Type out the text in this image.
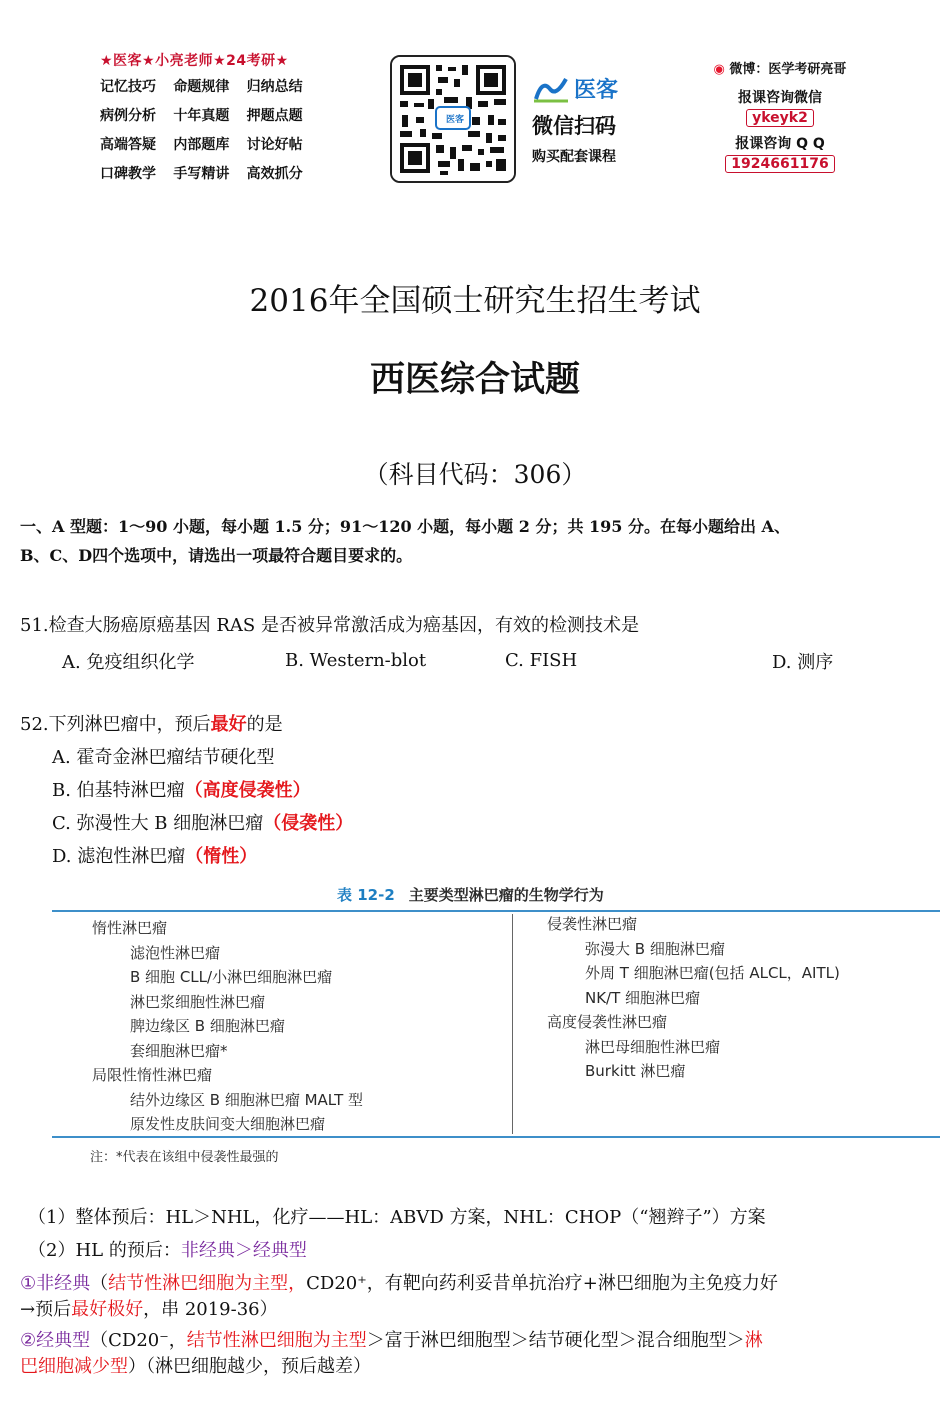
★医客★小亮老师★24考研★
记忆技巧	命题规律	归纳总结
病例分析	十年真题	押题点题
高端答疑	内部题库	讨论好帖
口碑教学	手写精讲	高效抓分
医客
医客
微信扫码
购买配套课程
◉ 微博：医学考研亮哥
报课咨询微信
ykeyk2
报课咨询 Q Q
1924661176
2016年全国硕士研究生招生考试
西医综合试题
（科目代码：306）
一、A 型题：1～90 小题，每小题 1.5 分；91～120 小题，每小题 2 分；共 195 分。在每小题给出 A、
B、C、D四个选项中，请选出一项最符合题目要求的。
51.检查大肠癌原癌基因 RAS 是否被异常激活成为癌基因，有效的检测技术是
A. 免疫组织化学	B. Western-blot	C. FISH	D. 测序
52.下列淋巴瘤中，预后最好的是
A. 霍奇金淋巴瘤结节硬化型
B. 伯基特淋巴瘤（高度侵袭性）
C. 弥漫性大 B 细胞淋巴瘤（侵袭性）
D. 滤泡性淋巴瘤（惰性）
表 12-2 主要类型淋巴瘤的生物学行为
惰性淋巴瘤
滤泡性淋巴瘤
B 细胞 CLL/小淋巴细胞淋巴瘤
淋巴浆细胞性淋巴瘤
脾边缘区 B 细胞淋巴瘤
套细胞淋巴瘤*
局限性惰性淋巴瘤
结外边缘区 B 细胞淋巴瘤 MALT 型
原发性皮肤间变大细胞淋巴瘤
侵袭性淋巴瘤
弥漫大 B 细胞淋巴瘤
外周 T 细胞淋巴瘤(包括 ALCL，AITL)
NK/T 细胞淋巴瘤
高度侵袭性淋巴瘤
淋巴母细胞性淋巴瘤
Burkitt 淋巴瘤
注：*代表在该组中侵袭性最强的
（1）整体预后：HL＞NHL，化疗——HL：ABVD 方案，NHL：CHOP（“翘辫子”）方案
（2）HL 的预后：非经典＞经典型
①非经典（结节性淋巴细胞为主型，CD20⁺，有靶向药利妥昔单抗治疗+淋巴细胞为主免疫力好
→预后最好极好，串 2019-36）
②经典型（CD20⁻，结节性淋巴细胞为主型＞富于淋巴细胞型＞结节硬化型＞混合细胞型＞淋
巴细胞减少型）（淋巴细胞越少，预后越差）
